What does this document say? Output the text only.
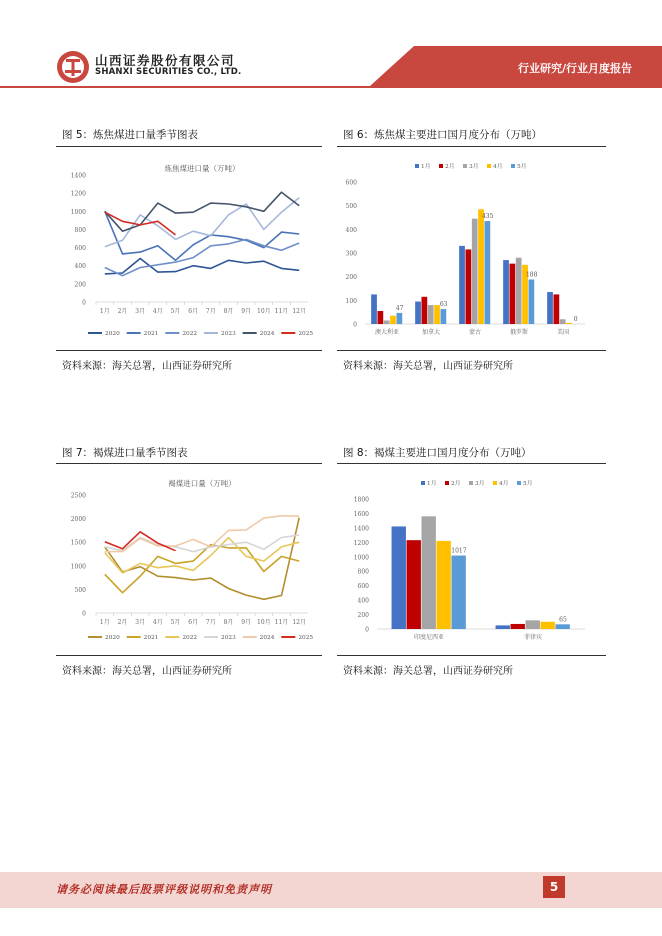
山西证券股份有限公司
SHANXI SECURITIES CO., LTD.	行业研究/行业月度报告
图 5：炼焦煤进口量季节图表
炼焦煤进口量（万吨）
0
200
400
600
800
1000
1200
1400
1月 2月 3月 4月 5月 6月 7月 8月 9月 10月 11月 12月
2020	2021	2022	2023	2024	2025
资料来源：海关总署，山西证券研究所
图 6：炼焦煤主要进口国月度分布（万吨）
0
100
200
300
400
500
600
47
澳大利亚
63
加拿大
435
蒙古
188
俄罗斯
0
美国
1月	2月	3月	4月	5月
资料来源：海关总署，山西证券研究所
图 7：褐煤进口量季节图表
褐煤进口量（万吨）
0
500
1000
1500
2000
2500
1月 2月 3月 4月 5月 6月 7月 8月 9月 10月 11月 12月
2020	2021	2022	2023	2024	2025
资料来源：海关总署，山西证券研究所
图 8：褐煤主要进口国月度分布（万吨）
0
200
400
600
800
1000
1200
1400
1600
1800
1017
印度尼西亚
65
菲律宾
1月	2月	3月	4月	5月
资料来源：海关总署，山西证券研究所
请务必阅读最后股票评级说明和免责声明	5
